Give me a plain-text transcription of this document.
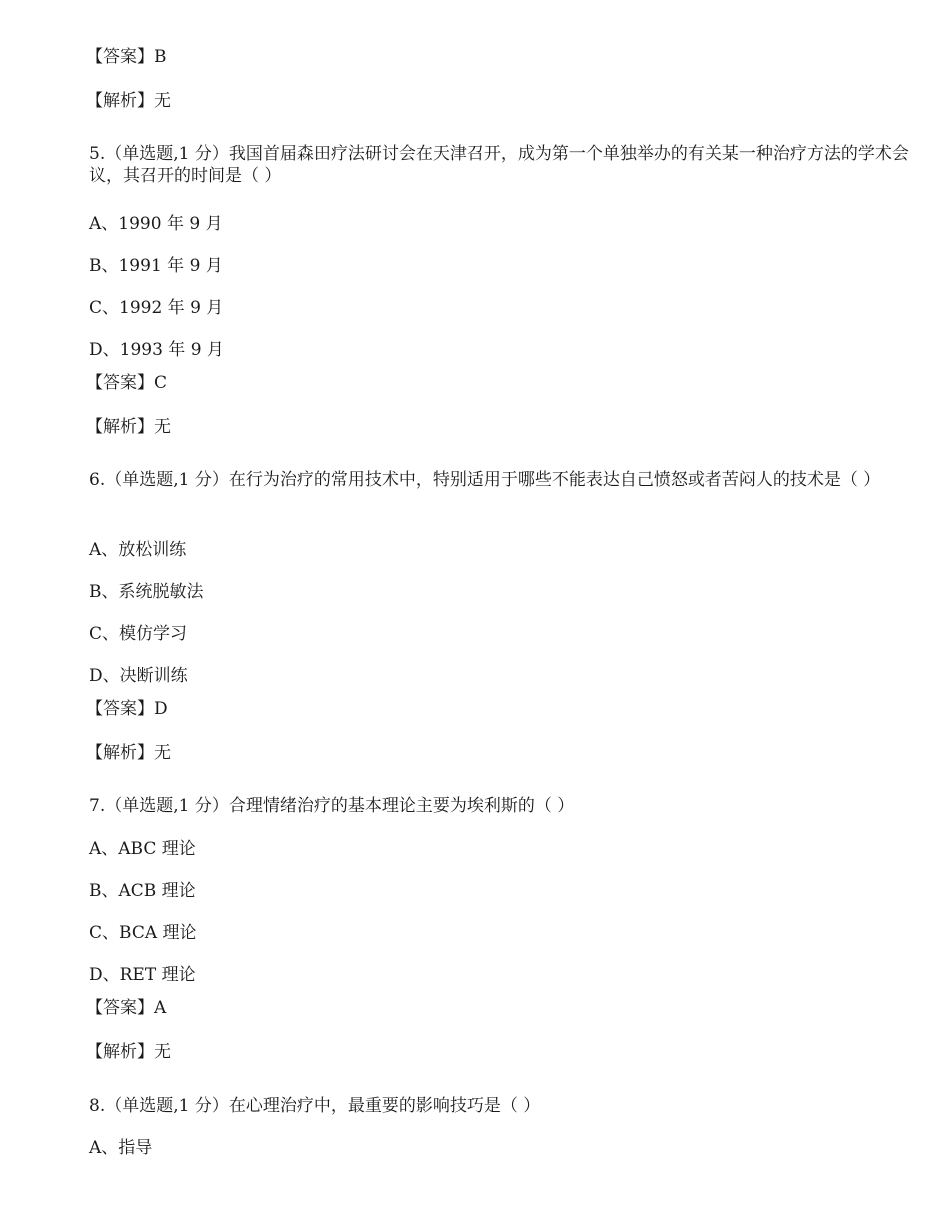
【答案】B
【解析】无
5.（单选题,1 分）我国首届森田疗法研讨会在天津召开，成为第一个单独举办的有关某一种治疗方法的学术会议，其召开的时间是（ ）
A、1990 年 9 月
B、1991 年 9 月
C、1992 年 9 月
D、1993 年 9 月
【答案】C
【解析】无
6.（单选题,1 分）在行为治疗的常用技术中，特别适用于哪些不能表达自己愤怒或者苦闷人的技术是（ ）
A、放松训练
B、系统脱敏法
C、模仿学习
D、决断训练
【答案】D
【解析】无
7.（单选题,1 分）合理情绪治疗的基本理论主要为埃利斯的（ ）
A、ABC 理论
B、ACB 理论
C、BCA 理论
D、RET 理论
【答案】A
【解析】无
8.（单选题,1 分）在心理治疗中，最重要的影响技巧是（ ）
A、指导
